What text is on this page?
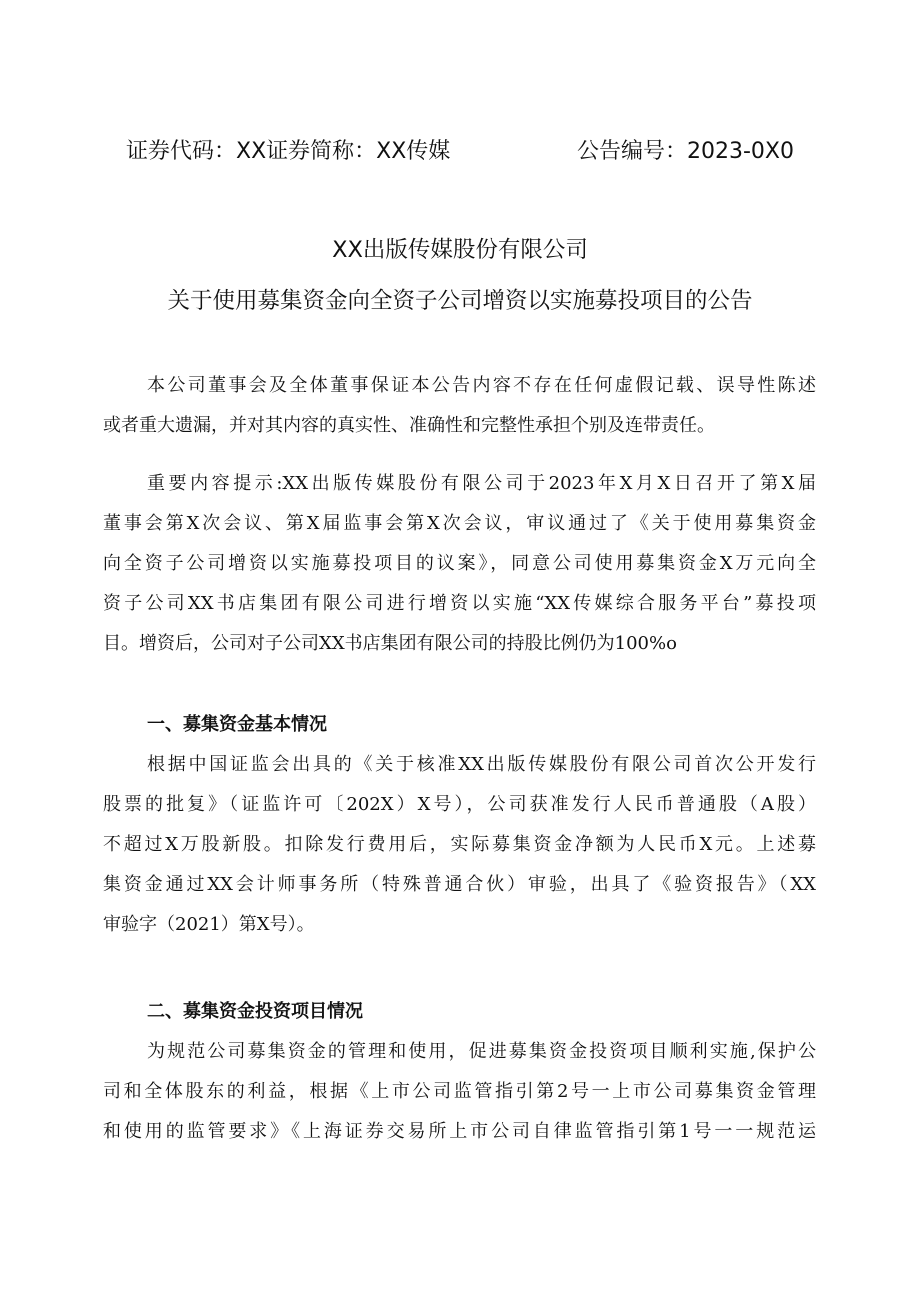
证券代码：XX证券简称：XX传媒	公告编号：2023-0X0
XX出版传媒股份有限公司
关于使用募集资金向全资子公司增资以实施募投项目的公告
本公司董事会及全体董事保证本公告内容不存在任何虚假记载、误导性陈述
或者重大遗漏，并对其内容的真实性、准确性和完整性承担个别及连带责任。
重要内容提示:XX出版传媒股份有限公司于2023年X月X日召开了第X届
董事会第X次会议、第X届监事会第X次会议，审议通过了《关于使用募集资金
向全资子公司增资以实施募投项目的议案》，同意公司使用募集资金X万元向全
资子公司XX书店集团有限公司进行增资以实施“XX传媒综合服务平台”募投项
目。增资后，公司对子公司XX书店集团有限公司的持股比例仍为100%o
一、募集资金基本情况
根据中国证监会出具的《关于核准XX出版传媒股份有限公司首次公开发行
股票的批复》（证监许可〔202X）X号），公司获准发行人民币普通股（A股）
不超过X万股新股。扣除发行费用后，实际募集资金净额为人民币X元。上述募
集资金通过XX会计师事务所（特殊普通合伙）审验，出具了《验资报告》（XX
审验字（2021）第X号）。
二、募集资金投资项目情况
为规范公司募集资金的管理和使用，促进募集资金投资项目顺利实施,保护公
司和全体股东的利益，根据《上市公司监管指引第2号一上市公司募集资金管理
和使用的监管要求》《上海证券交易所上市公司自律监管指引第1号一一规范运
